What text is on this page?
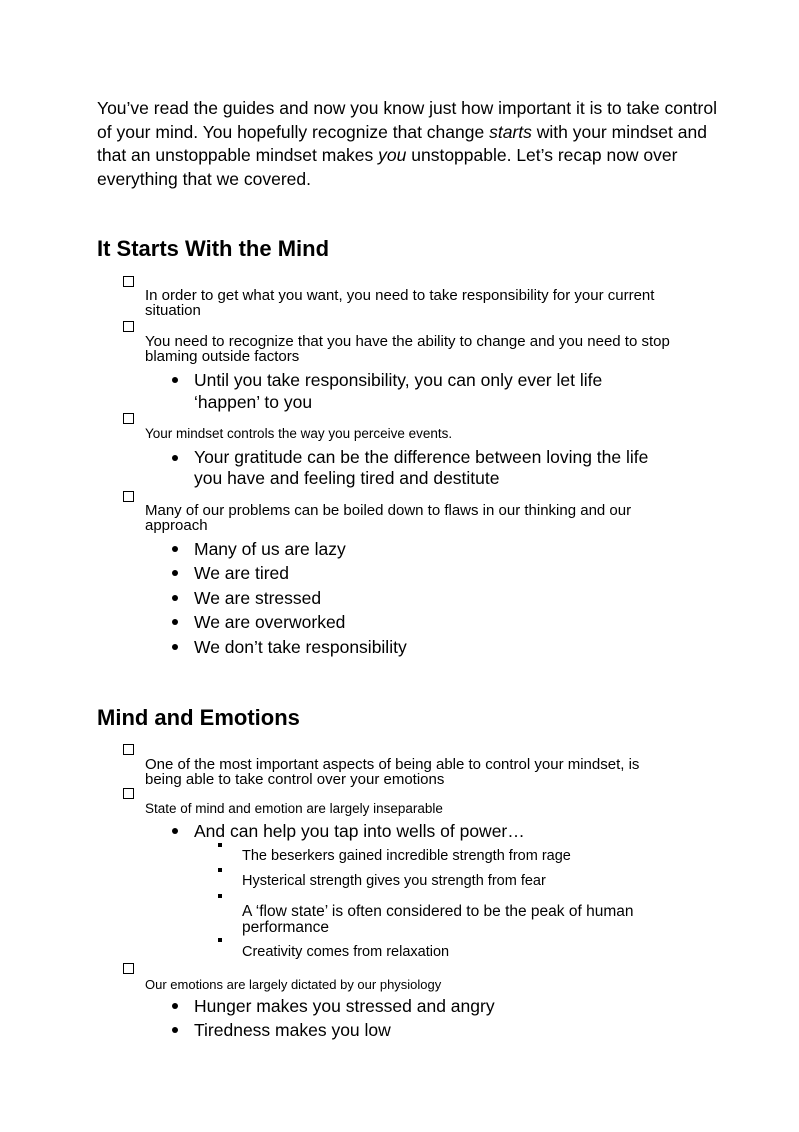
You’ve read the guides and now you know just how important it is to take control of your mind. You hopefully recognize that change starts with your mindset and that an unstoppable mindset makes you unstoppable. Let’s recap now over everything that we covered.

It Starts With the Mind

In order to get what you want, you need to take responsibility for your current situation

You need to recognize that you have the ability to change and you need to stop blaming outside factors

Until you take responsibility, you can only ever let life ‘happen’ to you

Your mindset controls the way you perceive events.

Your gratitude can be the difference between loving the life you have and feeling tired and destitute

Many of our problems can be boiled down to flaws in our thinking and our approach

Many of us are lazy

We are tired

We are stressed

We are overworked

We don’t take responsibility

Mind and Emotions

One of the most important aspects of being able to control your mindset, is being able to take control over your emotions

State of mind and emotion are largely inseparable

And can help you tap into wells of power…

The beserkers gained incredible strength from rage

Hysterical strength gives you strength from fear

A ‘flow state’ is often considered to be the peak of human performance

Creativity comes from relaxation

Our emotions are largely dictated by our physiology

Hunger makes you stressed and angry

Tiredness makes you low
